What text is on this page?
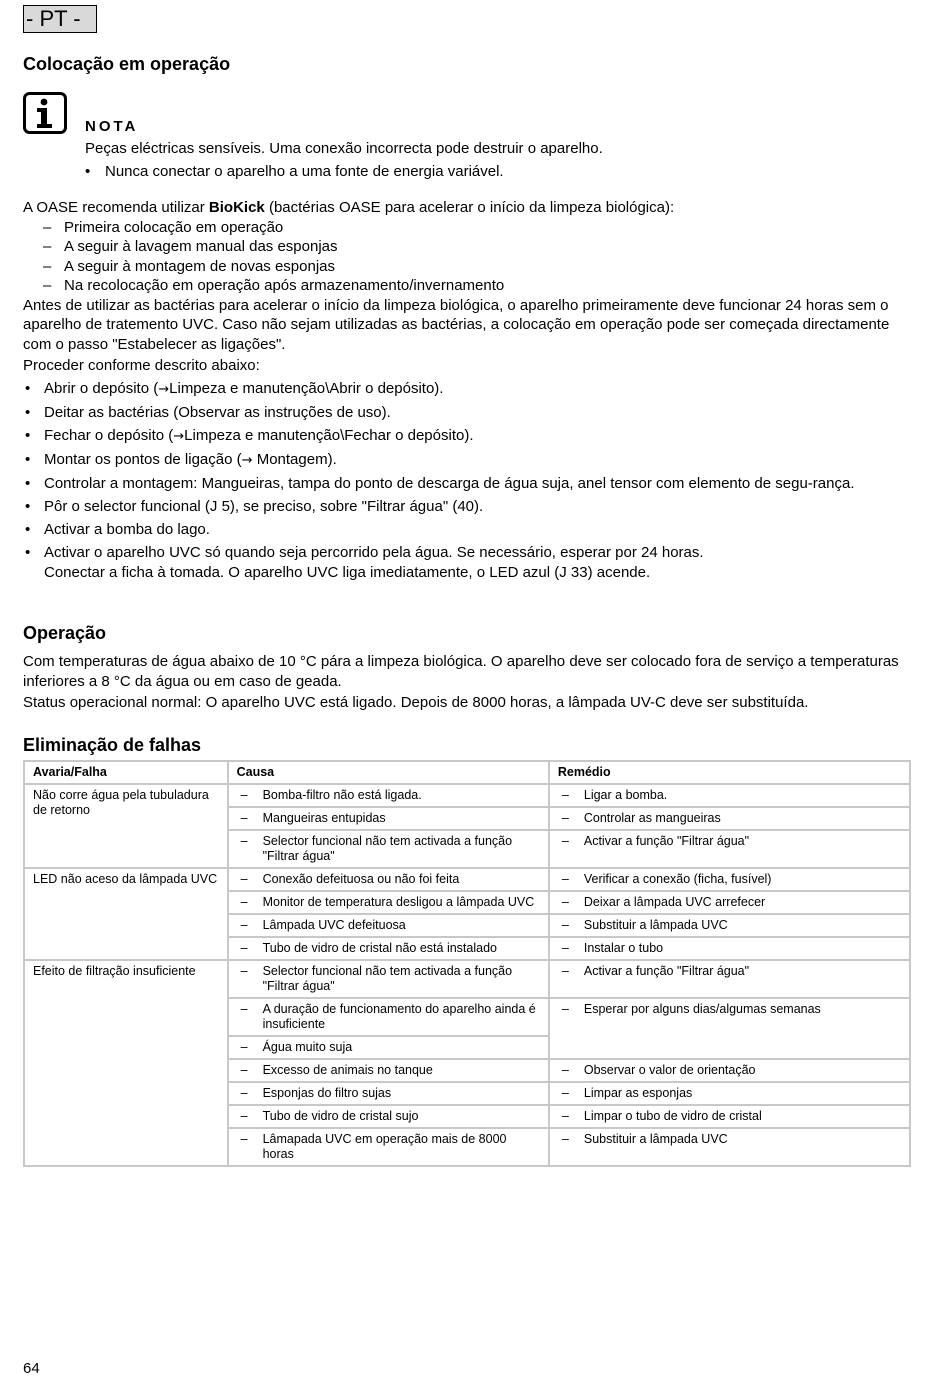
- PT -
Colocação em operação
NOTA
Peças eléctricas sensíveis. Uma conexão incorrecta pode destruir o aparelho.
• Nunca conectar o aparelho a uma fonte de energia variável.

A OASE recomenda utilizar BioKick (bactérias OASE para acelerar o início da limpeza biológica):

– Primeira colocação em operação
– A seguir à lavagem manual das esponjas
– A seguir à montagem de novas esponjas
– Na recolocação em operação após armazenamento/invernamento

Antes de utilizar as bactérias para acelerar o início da limpeza biológica, o aparelho primeiramente deve funcionar 24 horas sem o aparelho de tratemento UVC. Caso não sejam utilizadas as bactérias, a colocação em operação pode ser começada directamente com o passo "Estabelecer as ligações".

Proceder conforme descrito abaixo:

• Abrir o depósito (→Limpeza e manutenção\Abrir o depósito).
• Deitar as bactérias (Observar as instruções de uso).
• Fechar o depósito (→Limpeza e manutenção\Fechar o depósito).
• Montar os pontos de ligação (→ Montagem).
• Controlar a montagem: Mangueiras, tampa do ponto de descarga de água suja, anel tensor com elemento de segu-rança.
• Pôr o selector funcional (J 5), se preciso, sobre "Filtrar água" (40).
• Activar a bomba do lago.
• Activar o aparelho UVC só quando seja percorrido pela água. Se necessário, esperar por 24 horas.
Conectar a ficha à tomada. O aparelho UVC liga imediatamente, o LED azul (J 33) acende.
Operação

Com temperaturas de água abaixo de 10 °C pára a limpeza biológica. O aparelho deve ser colocado fora de serviço a temperaturas inferiores a 8 °C da água ou em caso de geada.

Status operacional normal: O aparelho UVC está ligado. Depois de 8000 horas, a lâmpada UV-C deve ser substituída.

Eliminação de falhas
Avaria/Falha	Causa	Remédio
Não corre água pela tubuladura de retorno	– Bomba-filtro não está ligada.	– Ligar a bomba.
	– Mangueiras entupidas	– Controlar as mangueiras
	– Selector funcional não tem activada a função "Filtrar água"	– Activar a função "Filtrar água"
LED não aceso da lâmpada UVC	– Conexão defeituosa ou não foi feita	– Verificar a conexão (ficha, fusível)
	– Monitor de temperatura desligou a lâmpada UVC	– Deixar a lâmpada UVC arrefecer
	– Lâmpada UVC defeituosa	– Substituir a lâmpada UVC
	– Tubo de vidro de cristal não está instalado	– Instalar o tubo
Efeito de filtração insuficiente	– Selector funcional não tem activada a função "Filtrar água"	– Activar a função "Filtrar água"
	– A duração de funcionamento do aparelho ainda é insuficiente	– Esperar por alguns dias/algumas semanas
	– Água muito suja
	– Excesso de animais no tanque	– Observar o valor de orientação
	– Esponjas do filtro sujas	– Limpar as esponjas
	– Tubo de vidro de cristal sujo	– Limpar o tubo de vidro de cristal
	– Lâmapada UVC em operação mais de 8000 horas	– Substituir a lâmpada UVC
64
